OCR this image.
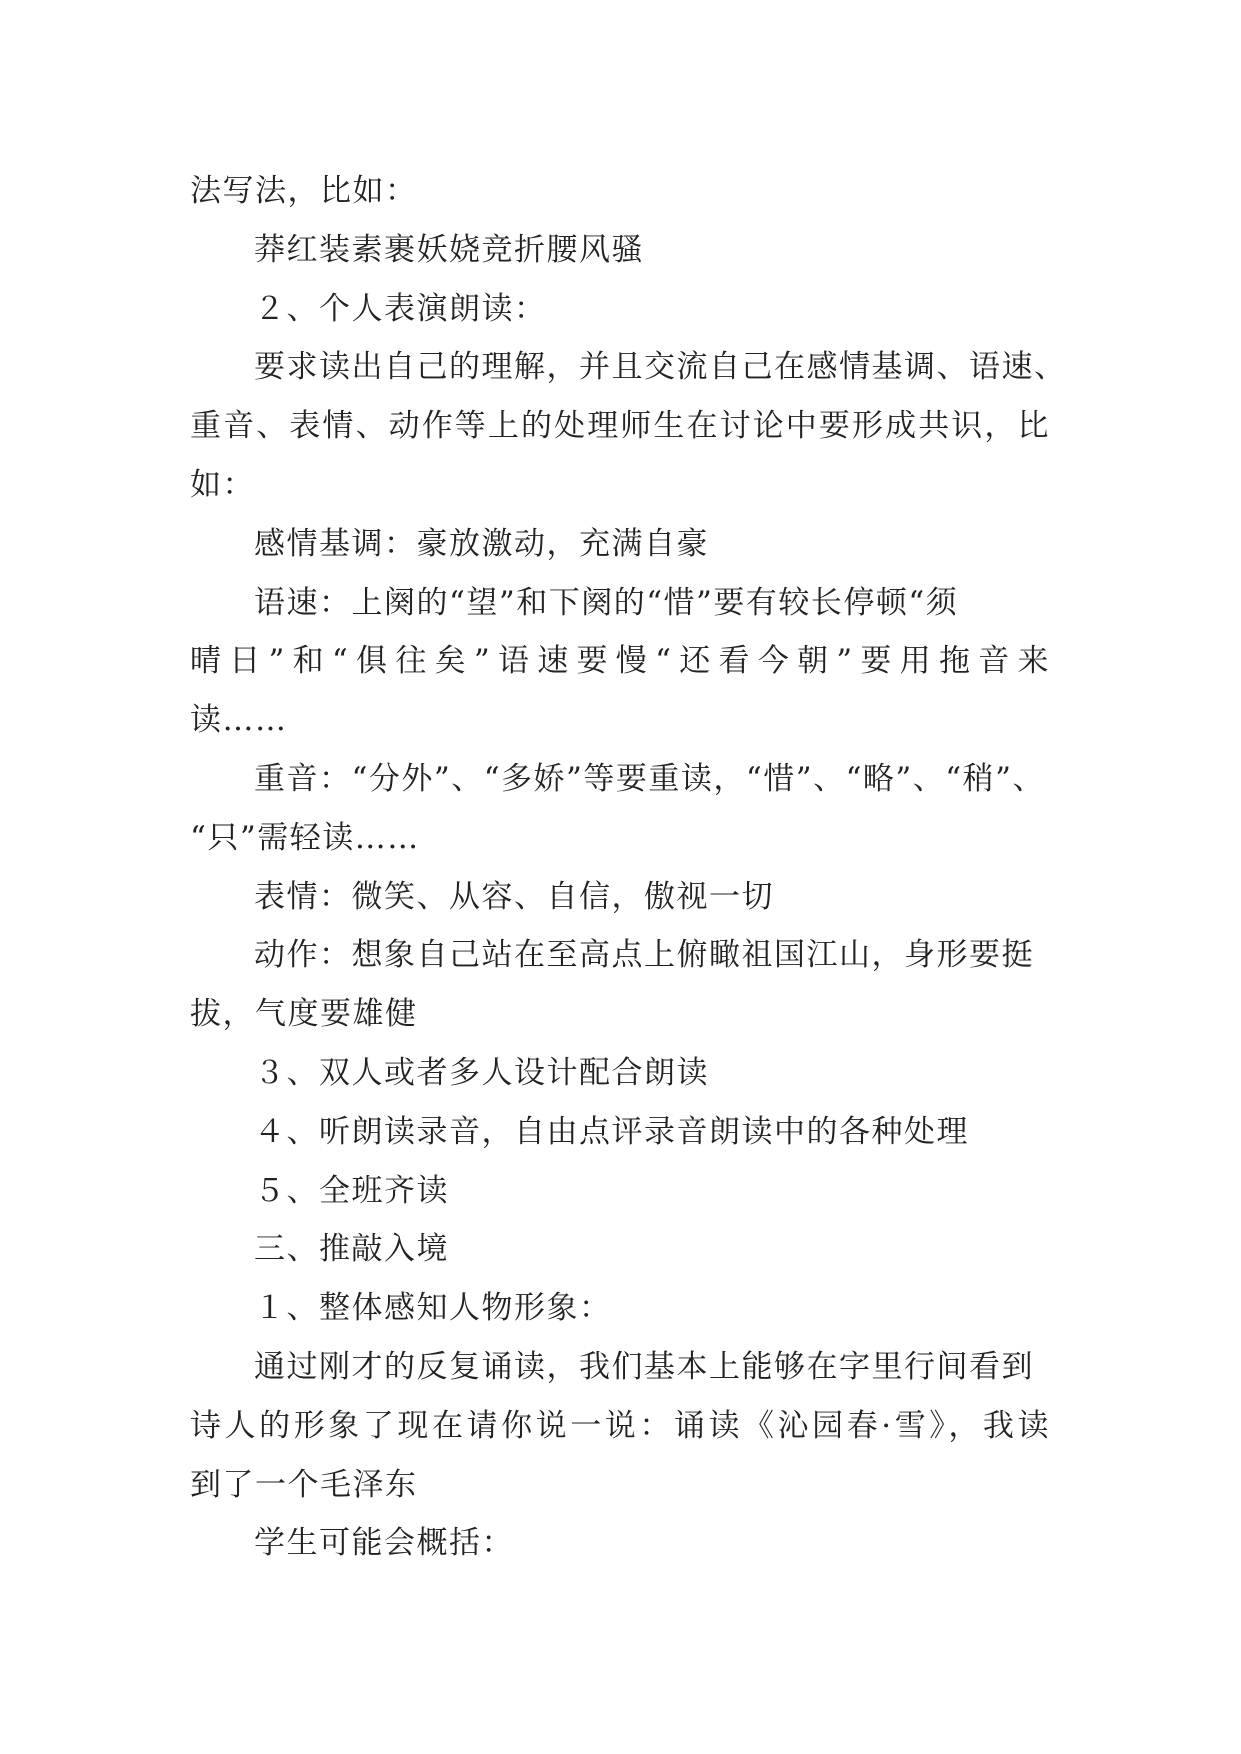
法写法，比如：
莽红装素裹妖娆竞折腰风骚
２、个人表演朗读：
要求读出自己的理解，并且交流自己在感情基调、语速、
重音、表情、动作等上的处理师生在讨论中要形成共识，比
如：
感情基调：豪放激动，充满自豪
语速：上阕的“望”和下阕的“惜”要有较长停顿“须
晴日”和“俱往矣”语速要慢“还看今朝”要用拖音来
读……
重音：“分外”、“多娇”等要重读，“惜”、“略”、“稍”、
“只”需轻读……
表情：微笑、从容、自信，傲视一切
动作：想象自己站在至高点上俯瞰祖国江山，身形要挺
拔，气度要雄健
３、双人或者多人设计配合朗读
４、听朗读录音，自由点评录音朗读中的各种处理
５、全班齐读
三、推敲入境
１、整体感知人物形象：
通过刚才的反复诵读，我们基本上能够在字里行间看到
诗人的形象了现在请你说一说：诵读《沁园春·雪》，我读
到了一个毛泽东
学生可能会概括：
